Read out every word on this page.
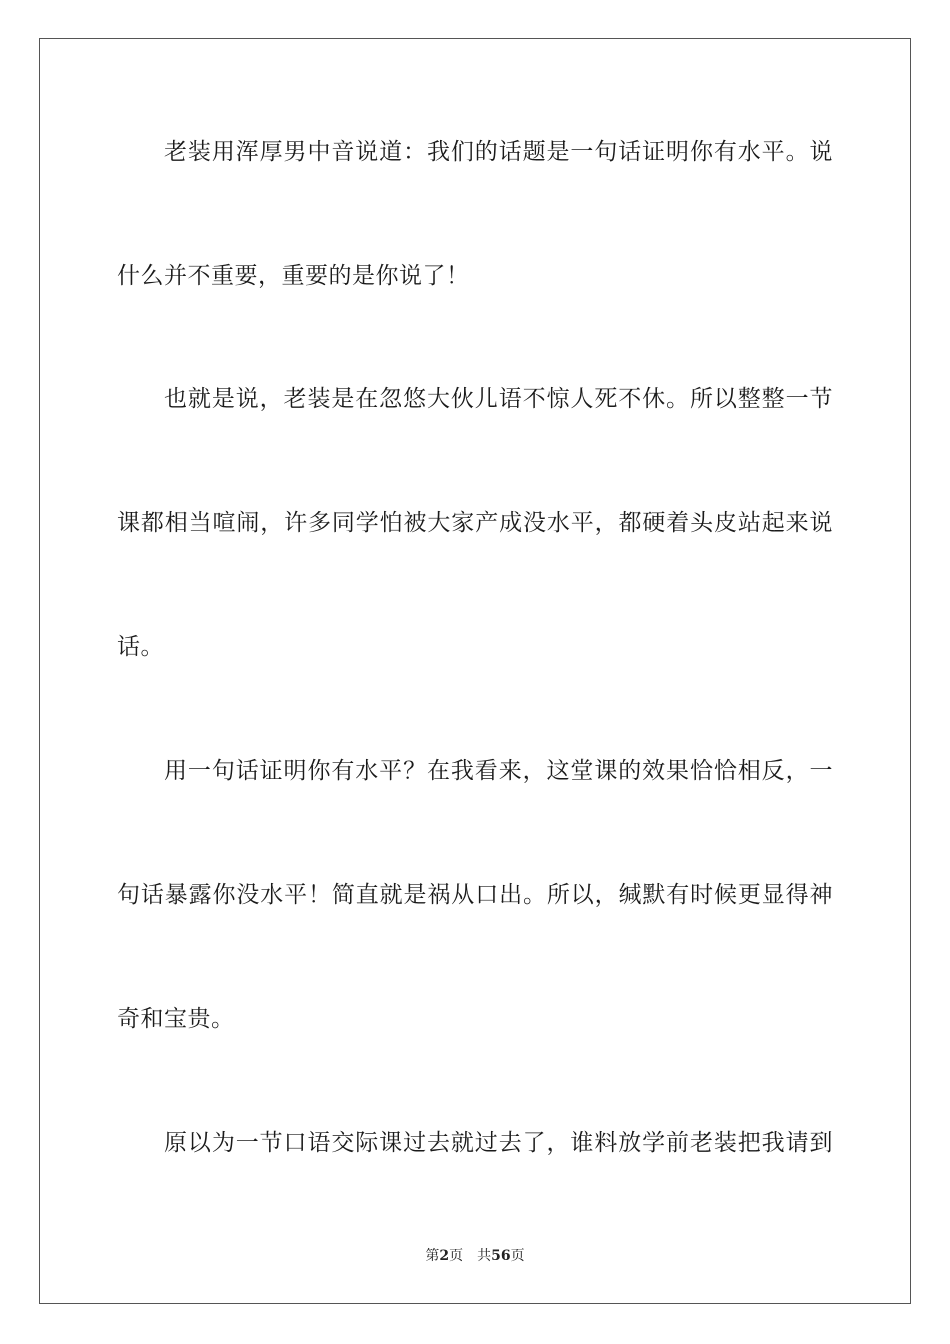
老装用浑厚男中音说道：我们的话题是一句话证明你有水平。说
什么并不重要，重要的是你说了！
也就是说，老装是在忽悠大伙儿语不惊人死不休。所以整整一节
课都相当喧闹，许多同学怕被大家产成没水平，都硬着头皮站起来说
话。
用一句话证明你有水平？在我看来，这堂课的效果恰恰相反，一
句话暴露你没水平！简直就是祸从口出。所以，缄默有时候更显得神
奇和宝贵。
原以为一节口语交际课过去就过去了，谁料放学前老装把我请到
第2页　共56页
